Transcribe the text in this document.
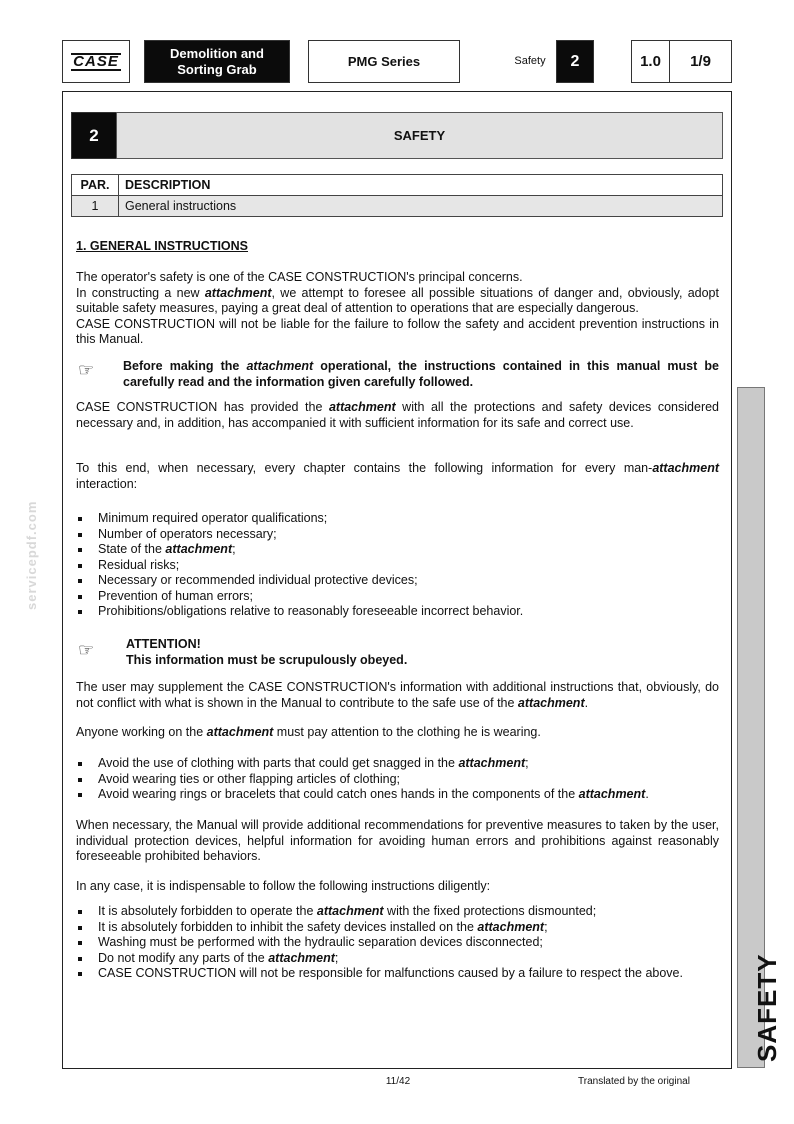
CASE	Demolition and
Sorting Grab	PMG Series	Safety	2	1.0	1/9
2	SAFETY
PAR.	DESCRIPTION
1	General instructions
1. GENERAL INSTRUCTIONS

The operator's safety is one of the CASE CONSTRUCTION's principal concerns.

In constructing a new attachment, we attempt to foresee all possible situations of danger and, obviously, adopt suitable safety measures, paying a great deal of attention to operations that are especially dangerous.

CASE CONSTRUCTION will not be liable for the failure to follow the safety and accident prevention instructions in this Manual.

☞ Before making the attachment operational, the instructions contained in this manual must be carefully read and the information given carefully followed.
CASE CONSTRUCTION has provided the attachment with all the protections and safety devices considered necessary and, in addition, has accompanied it with sufficient information for its safe and correct use.
To this end, when necessary, every chapter contains the following information for every man-attachment interaction:
Minimum required operator qualifications;
Number of operators necessary;
State of the attachment;
Residual risks;
Necessary or recommended individual protective devices;
Prevention of human errors;
Prohibitions/obligations relative to reasonably foreseeable incorrect behavior.
☞	ATTENTION!

This information must be scrupulously obeyed.

The user may supplement the CASE CONSTRUCTION's information with additional instructions that, obviously, do not conflict with what is shown in the Manual to contribute to the safe use of the attachment.
Anyone working on the attachment must pay attention to the clothing he is wearing.
Avoid the use of clothing with parts that could get snagged in the attachment;
Avoid wearing ties or other flapping articles of clothing;
Avoid wearing rings or bracelets that could catch ones hands in the components of the attachment.
When necessary, the Manual will provide additional recommendations for preventive measures to taken by the user, individual protection devices, helpful information for avoiding human errors and prohibitions against reasonably foreseeable prohibited behaviors.
In any case, it is indispensable to follow the following instructions diligently:
It is absolutely forbidden to operate the attachment with the fixed protections dismounted;
It is absolutely forbidden to inhibit the safety devices installed on the attachment;
Washing must be performed with the hydraulic separation devices disconnected;
Do not modify any parts of the attachment;
CASE CONSTRUCTION will not be responsible for malfunctions caused by a failure to respect the above.	SAFETY
servicepdf.com
11/42	Translated by the original
